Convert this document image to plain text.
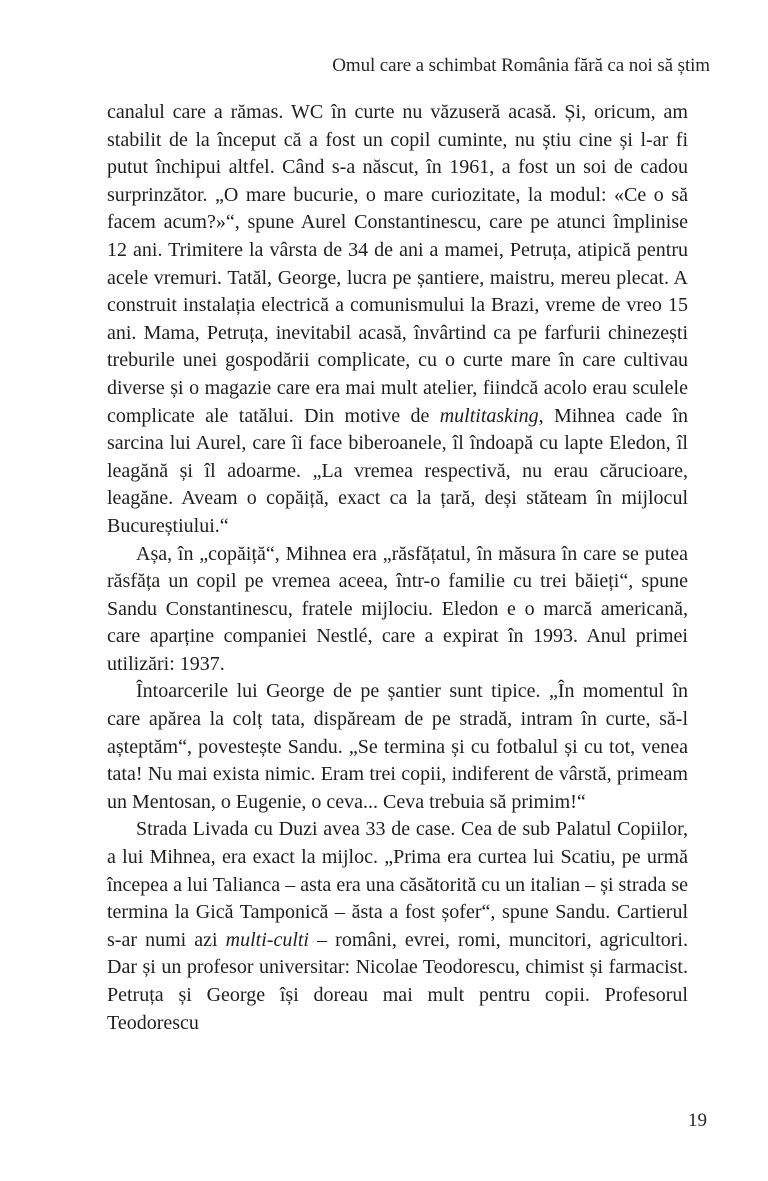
Omul care a schimbat România fără ca noi să știm

canalul care a rămas. WC în curte nu văzuseră acasă. Și, oricum, am stabilit de la început că a fost un copil cuminte, nu știu cine și l-ar fi putut închipui altfel. Când s-a născut, în 1961, a fost un soi de cadou surprinzător. „O mare bucurie, o mare curiozitate, la modul: «Ce o să facem acum?»“, spune Aurel Constantinescu, care pe atunci împlinise 12 ani. Trimitere la vârsta de 34 de ani a mamei, Petruța, atipică pentru acele vremuri. Tatăl, George, lucra pe șantiere, maistru, mereu plecat. A construit instalația electrică a comunismului la Brazi, vreme de vreo 15 ani. Mama, Petruța, inevitabil acasă, învârtind ca pe farfurii chinezești treburile unei gospodării complicate, cu o curte mare în care cultivau diverse și o magazie care era mai mult atelier, fiindcă acolo erau sculele complicate ale tatălui. Din motive de multitasking, Mihnea cade în sarcina lui Aurel, care îi face biberoanele, îl îndoapă cu lapte Eledon, îl leagănă și îl adoarme. „La vremea respectivă, nu erau cărucioare, leagăne. Aveam o copăiță, exact ca la țară, deși stăteam în mijlocul Bucureștiului.“

Așa, în „copăiță“, Mihnea era „răsfățatul, în măsura în care se putea răsfăța un copil pe vremea aceea, într-o familie cu trei băieți“, spune Sandu Constantinescu, fratele mijlociu. Eledon e o marcă americană, care aparține companiei Nestlé, care a expirat în 1993. Anul primei utilizări: 1937.

Întoarcerile lui George de pe șantier sunt tipice. „În momentul în care apărea la colț tata, dispăream de pe stradă, intram în curte, să-l așteptăm“, povestește Sandu. „Se termina și cu fotbalul și cu tot, venea tata! Nu mai exista nimic. Eram trei copii, indiferent de vârstă, primeam un Mentosan, o Eugenie, o ceva... Ceva trebuia să primim!“

Strada Livada cu Duzi avea 33 de case. Cea de sub Palatul Copiilor, a lui Mihnea, era exact la mijloc. „Prima era curtea lui Scatiu, pe urmă începea a lui Talianca – asta era una căsătorită cu un italian – și strada se termina la Gică Tamponică – ăsta a fost șofer“, spune Sandu. Cartierul s-ar numi azi multi-culti – români, evrei, romi, muncitori, agricultori. Dar și un profesor universitar: Nicolae Teodorescu, chimist și farmacist. Petruța și George își doreau mai mult pentru copii. Profesorul Teodorescu

19
